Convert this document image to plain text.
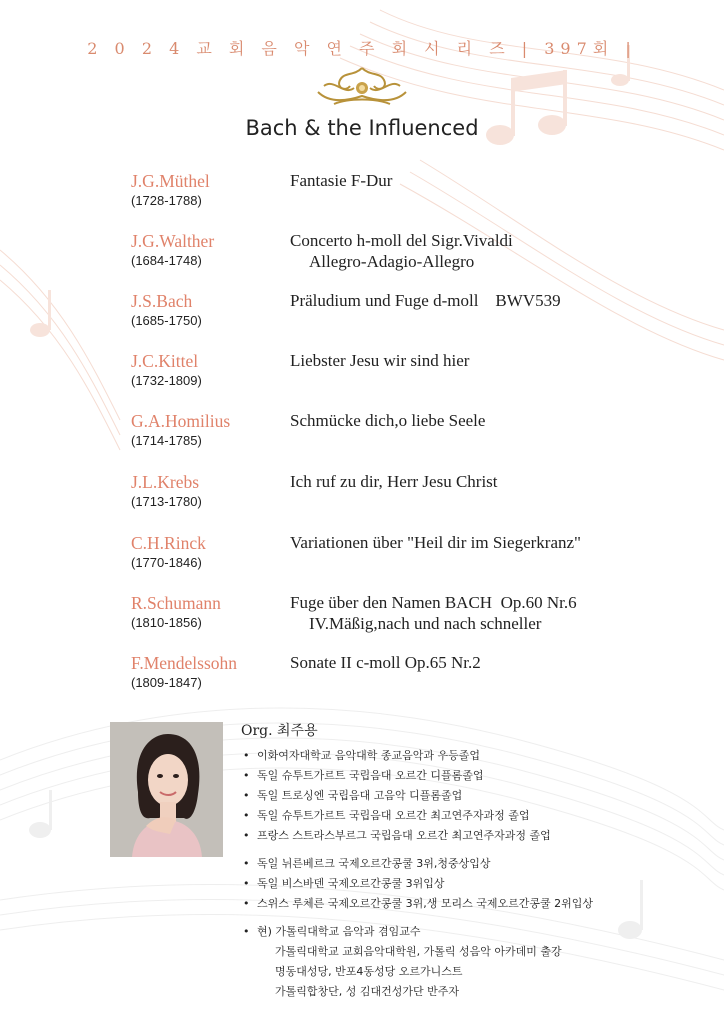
2 0 2 4 교 회 음 악 연 주 회 시 리 즈 | 397회 |
Bach & the Influenced
J.G.Müthel
(1728-1788)
Fantasie F-Dur
J.G.Walther
(1684-1748)
Concerto h-moll del Sigr.Vivaldi
Allegro-Adagio-Allegro
J.S.Bach
(1685-1750)
Präludium und Fuge d-moll    BWV539
J.C.Kittel
(1732-1809)
Liebster Jesu wir sind hier
G.A.Homilius
(1714-1785)
Schmücke dich,o liebe Seele
J.L.Krebs
(1713-1780)
Ich ruf zu dir, Herr Jesu Christ
C.H.Rinck
(1770-1846)
Variationen über "Heil dir im Siegerkranz"
R.Schumann
(1810-1856)
Fuge über den Namen BACH  Op.60 Nr.6
IV.Mäßig,nach und nach schneller
F.Mendelssohn
(1809-1847)
Sonate II c-moll Op.65 Nr.2
Org. 최주용
• 이화여자대학교 음악대학 종교음악과 우등졸업
• 독일 슈투트가르트 국립음대 오르간 디플롬졸업
• 독일 트로싱엔 국립음대 고음악 디플롬졸업
• 독일 슈투트가르트 국립음대 오르간 최고연주자과정 졸업
• 프랑스 스트라스부르그 국립음대 오르간 최고연주자과정 졸업
• 독일 뉘른베르크 국제오르간콩쿨 3위,청중상입상
• 독일 비스바덴 국제오르간콩쿨 3위입상
• 스위스 루체른 국제오르간콩쿨 3위,생 모리스 국제오르간콩쿨 2위입상
• 현) 가톨릭대학교 음악과 겸임교수
가톨릭대학교 교회음악대학원, 가톨릭 성음악 아카데미 출강
명동대성당, 반포4동성당 오르가니스트
가톨릭합창단, 성 김대건성가단 반주자
